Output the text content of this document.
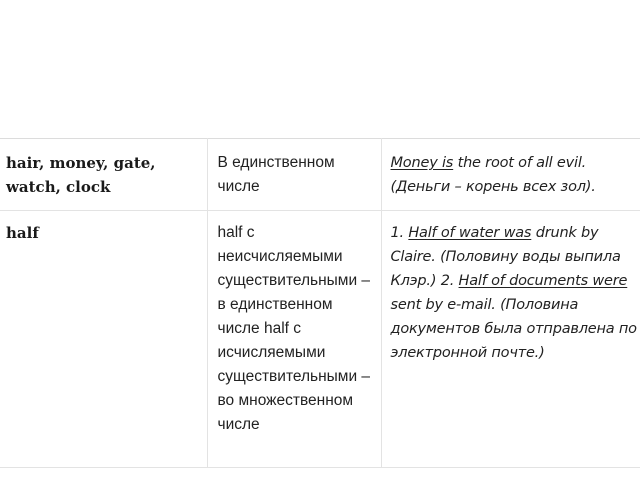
hair, money, gate, watch, clock	В единственном числе	Money is the root of all evil. (Деньги – корень всех зол).
half	half с неисчисляемыми существительными – в единственном числе half с исчисляемыми существительными – во множественном числе	1. Half of water was drunk by Claire. (Половину воды выпила Клэр.) 2. Half of documents were sent by e-mail. (Половина документов была отправлена по электронной почте.)
